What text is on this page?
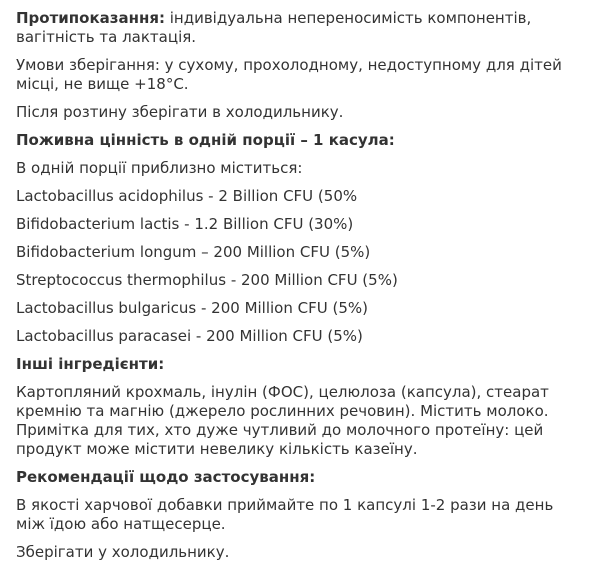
Протипоказання: індивідуальна непереносимість компонентів, вагітність та лактація.

Умови зберігання: у сухому, прохолодному, недоступному для дітей місці, не вище +18°C.

Після розтину зберігати в холодильнику.

Поживна цінність в одній порції – 1 касула:

В одній порції приблизно міститься:

Lactobacillus acidophilus - 2 Billion CFU (50%

Bifidobacterium lactis - 1.2 Billion CFU (30%)

Bifidobacterium longum – 200 Million CFU (5%)

Streptococcus thermophilus - 200 Million CFU (5%)

Lactobacillus bulgaricus - 200 Million CFU (5%)

Lactobacillus paracasei - 200 Million CFU (5%)

Інші інгредієнти:

Картопляний крохмаль, інулін (ФОС), целюлоза (капсула), стеарат кремнію та магнію (джерело рослинних речовин). Містить молоко. Примітка для тих, хто дуже чутливий до молочного протеїну: цей продукт може містити невелику кількість казеїну.

Рекомендації щодо застосування:

В якості харчової добавки приймайте по 1 капсулі 1-2 рази на день між їдою або натщесерце.

Зберігати у холодильнику.
